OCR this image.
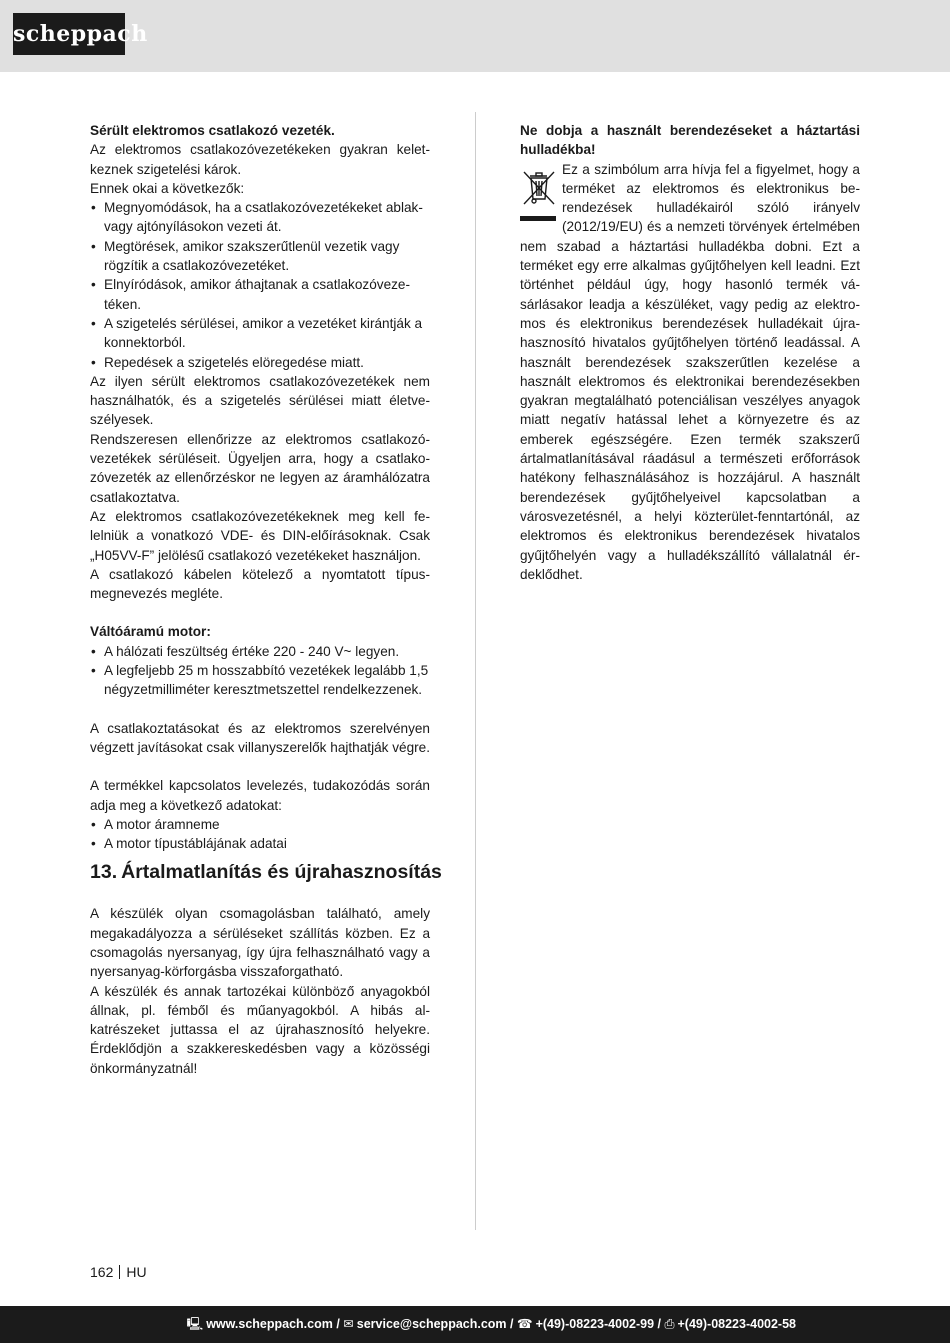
scheppach

Sérült elektromos csatlakozó vezeték.

Az elektromos csatlakozóvezetékeken gyakran keletkeznek szigetelési károk.

Ennek okai a következők:

• Megnyomódások, ha a csatlakozóvezetékeket ablak- vagy ajtónyílásokon vezeti át.
• Megtörések, amikor szakszerűtlenül vezetik vagy rögzítik a csatlakozóvezetéket.
• Elnyíródások, amikor áthajtanak a csatlakozóvezetéken.
• A szigetelés sérülései, amikor a vezetéket kirántják a konnektorból.
• Repedések a szigetelés elöregedése miatt.

Az ilyen sérült elektromos csatlakozóvezetékek nem használhatók, és a szigetelés sérülései miatt életveszélyesek.

Rendszeresen ellenőrizze az elektromos csatlakozóvezetékek sérüléseit. Ügyeljen arra, hogy a csatlakozóvezeték az ellenőrzéskor ne legyen az áramhálózatra csatlakoztatva.

Az elektromos csatlakozóvezetékeknek meg kell felelniük a vonatkozó VDE- és DIN-előírásoknak. Csak „H05VV-F” jelölésű csatlakozó vezetékeket használjon.

A csatlakozó kábelen kötelező a nyomtatott típusmegnevezés megléte.

Váltóáramú motor:

• A hálózati feszültség értéke 220 - 240 V~ legyen.
• A legfeljebb 25 m hosszabbító vezetékek legalább 1,5 négyzetmilliméter keresztmetszettel rendelkezzenek.

A csatlakoztatásokat és az elektromos szerelvényen végzett javításokat csak villanyszerelők hajthatják végre.

A termékkel kapcsolatos levelezés, tudakozódás során adja meg a következő adatokat:

• A motor áramneme
• A motor típustáblájának adatai
13. Ártalmatlanítás és újrahasznosítás

A készülék olyan csomagolásban található, amely megakadályozza a sérüléseket szállítás közben. Ez a csomagolás nyersanyag, így újra felhasználható vagy a nyersanyag-körforgásba visszaforgatható.

A készülék és annak tartozékai különböző anyagokból állnak, pl. fémből és műanyagokból. A hibás alkatrészeket juttassa el az újrahasznosító helyekre. Érdeklődjön a szakkereskedésben vagy a közösségi önkormányzatnál!

Ne dobja a használt berendezéseket a háztartási hulladékba!

Ez a szimbólum arra hívja fel a figyelmet, hogy a terméket az elektromos és elektronikus berendezések hulladékairól szóló irányelv (2012/19/EU) és a nemzeti törvények értelmében nem szabad a háztartási hulladékba dobni. Ezt a terméket egy erre alkalmas gyűjtőhelyen kell leadni. Ezt történhet például úgy, hogy hasonló termék vásárlásakor leadja a készüléket, vagy pedig az elektromos és elektronikus berendezések hulladékait újrahasznosító hivatalos gyűjtőhelyen történő leadással. A használt berendezések szakszerűtlen kezelése a használt elektromos és elektronikai berendezésekben gyakran megtalálható potenciálisan veszélyes anyagok miatt negatív hatással lehet a környezetre és az emberek egészségére. Ezen termék szakszerű ártalmatlanításával ráadásul a természeti erőforrások hatékony felhasználásához is hozzájárul. A használt berendezések gyűjtőhelyeivel kapcsolatban a városvezetésnél, a helyi közterület-fenntartónál, az elektromos és elektronikus berendezések hivatalos gyűjtőhelyén vagy a hulladékszállító vállalatnál érdeklődhet.

162 HU
🖳︎ www.scheppach.com / ✉︎ service@scheppach.com / ☎︎ +(49)-08223-4002-99 / ⎙ +(49)-08223-4002-58
